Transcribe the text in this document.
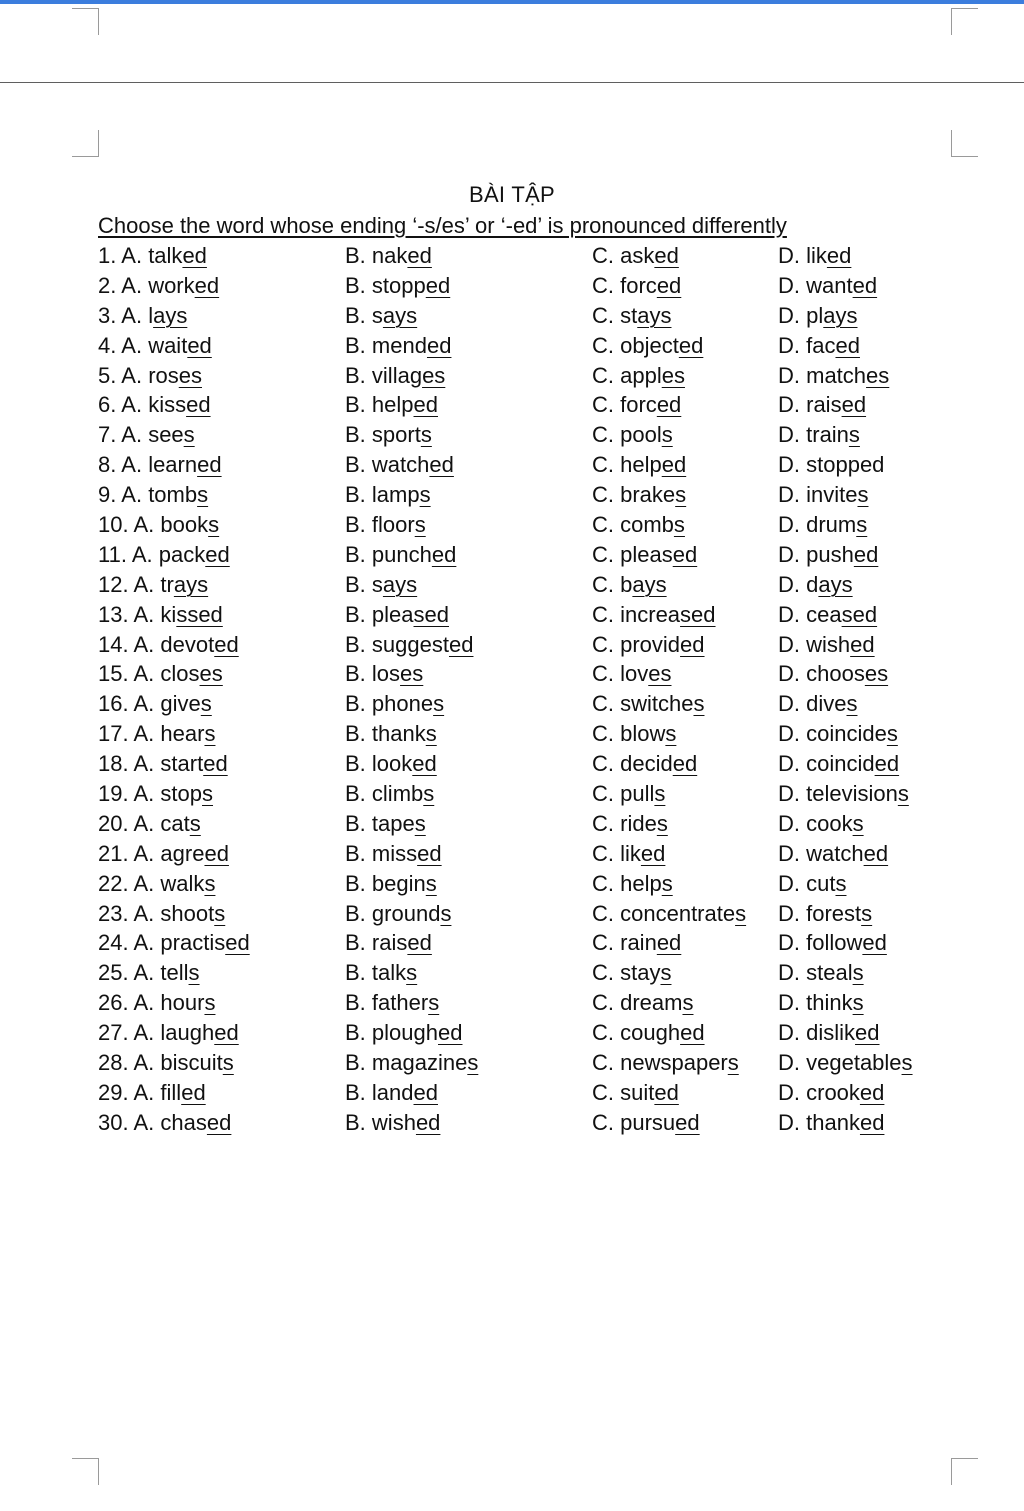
BÀI TẬP
Choose the word whose ending ‘-s/es’ or ‘-ed’ is pronounced differently
1. A. talked	B. naked	C. asked	D. liked
2. A. worked	B. stopped	C. forced	D. wanted
3. A. lays	B. says	C. stays	D. plays
4. A. waited	B. mended	C. objected	D. faced
5. A. roses	B. villages	C. apples	D. matches
6. A. kissed	B. helped	C. forced	D. raised
7. A. sees	B. sports	C. pools	D. trains
8. A. learned	B. watched	C. helped	D. stopped
9. A. tombs	B. lamps	C. brakes	D. invites
10. A. books	B. floors	C. combs	D. drums
11. A. packed	B. punched	C. pleased	D. pushed
12. A. trays	B. says	C. bays	D. days
13. A. kissed	B. pleased	C. increased	D. ceased
14. A. devoted	B. suggested	C. provided	D. wished
15. A. closes	B. loses	C. loves	D. chooses
16. A. gives	B. phones	C. switches	D. dives
17. A. hears	B. thanks	C. blows	D. coincides
18. A. started	B. looked	C. decided	D. coincided
19. A. stops	B. climbs	C. pulls	D. televisions
20. A. cats	B. tapes	C. rides	D. cooks
21. A. agreed	B. missed	C. liked	D. watched
22. A. walks	B. begins	C. helps	D. cuts
23. A. shoots	B. grounds	C. concentrates D. forests
24. A. practised	B. raised	C. rained	D. followed
25. A. tells	B. talks	C. stays	D. steals
26. A. hours	B. fathers	C. dreams	D. thinks
27. A. laughed	B. ploughed	C. coughed	D. disliked
28. A. biscuits	B. magazines	C. newspapers D. vegetables
29. A. filled	B. landed	C. suited	D. crooked
30. A. chased	B. wished	C. pursued	D. thanked
